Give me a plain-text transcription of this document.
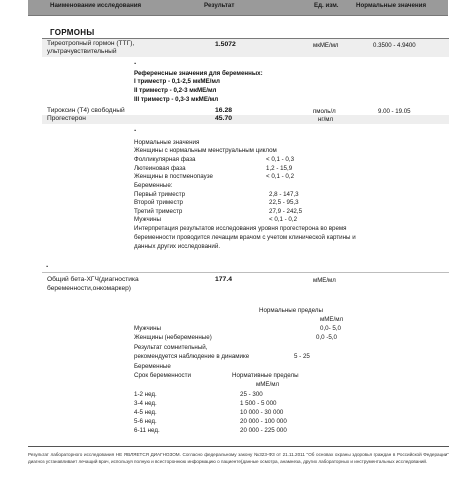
Наименование исследования	Результат	Ед. изм.	Нормальные значения
ГОРМОНЫ
Тиреотропный гормон (ТТГ),
ультрачувствительный
1.5072	мкМЕ/мл	0.3500 - 4.9400
.
Референсные значения для беременных:
I триместр - 0,1-2,5 мкМЕ/мл
II триместр - 0,2-3 мкМЕ/мл
III триместр - 0,3-3 мкМЕ/мл
Тироксин (Т4) свободный	16.28	пмоль/л	9.00 - 19.05
Прогестерон	45.70	нг/мл
.
Нормальные значения
Женщины с нормальным менструальным циклом
Фолликулярная фаза	< 0,1 - 0,3
Лютеиновая фаза	1,2 - 15,9
Женщины в постменопаузе	< 0,1 - 0,2
Беременные:
Первый триместр	2,8 - 147,3
Второй триместр	22,5 - 95,3
Третий триместр	27,9 - 242,5
Мужчины	< 0,1 - 0,2
Интерпретация результатов исследования уровня прогестерона во время
беременности проводится лечащим врачом с учетом клинической картины и
данных других исследований.
.
Общий бета-ХГЧ(диагностика
беременности,онкомаркер)
177.4	мМЕ/мл
Нормальные пределы
мМЕ/мл
Мужчины	0,0- 5,0
Женщины (небеременные)	0,0 -5,0
Результат сомнительный,
рекомендуется наблюдение в динамике	5 - 25
Беременные
Срок беременности	Нормативные пределы
мМЕ/мл
1-2 нед.	25 - 300
3-4 нед.	1 500 - 5 000
4-5 нед.	10 000 - 30 000
5-6 нед.	20 000 - 100 000
6-11 нед.	20 000 - 225 000
Результат лабораторного исследования НЕ ЯВЛЯЕТСЯ ДИАГНОЗОМ. Согласно федеральному закону №323-ФЗ от 21.11.2011 "Об основах охраны здоровья граждан в Российской Федерации" диагноз устанавливает лечащий врач, используя полную и всестороннюю информацию о пациенте(данные осмотра, анамнеза, других лабораторных и инструментальных исследований.
